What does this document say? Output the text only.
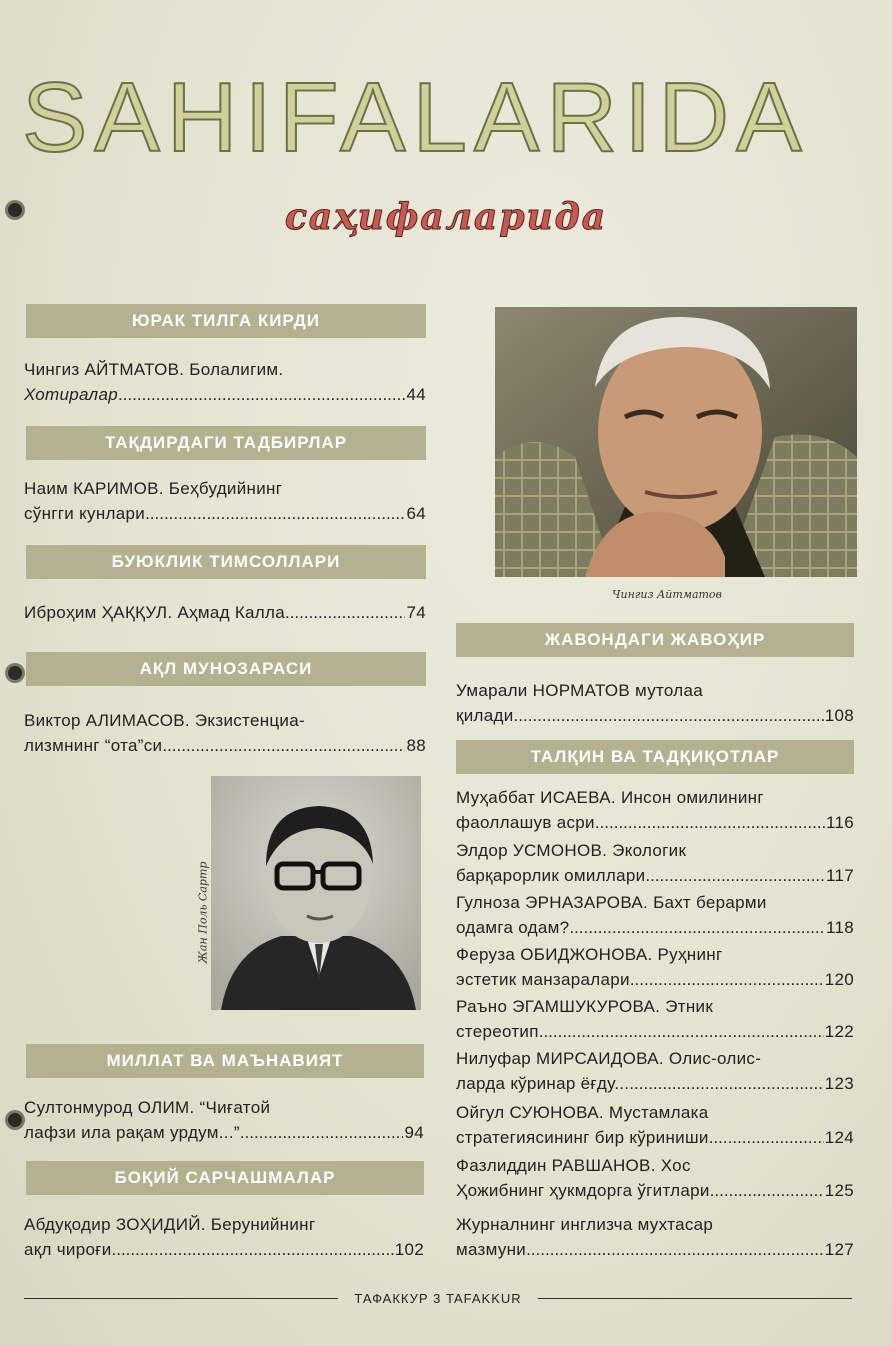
SAHIFALARIDA
саҳифаларида
ЮРАК ТИЛГА КИРДИ
Чингиз АЙТМАТОВ. Болалигим.
Хотиралар .....	44
ТАҚДИРДАГИ ТАДБИРЛАР
Наим КАРИМОВ. Беҳбудийнинг
сўнгги кунлари .....	64
БУЮКЛИК ТИМСОЛЛАРИ
Иброҳим ҲАҚҚУЛ. Аҳмад Калла .....	74
АҚЛ МУНОЗАРАСИ
Виктор АЛИМАСОВ. Экзистенциа-
лизмнинг “ота”си .....	88
Жан Поль Сартр
МИЛЛАТ ВА МАЪНАВИЯТ
Султонмурод ОЛИМ. “Чиғатой
лафзи ила рақам урдум...” .....	94
БОҚИЙ САРЧАШМАЛАР
Абдуқодир ЗОҲИДИЙ. Берунийнинг
ақл чироғи .....	102
Чингиз Айтматов
ЖАВОНДАГИ ЖАВОҲИР
Умарали НОРМАТОВ мутолаа
қилади .....	108
ТАЛҚИН ВА ТАДҚИҚОТЛАР
Муҳаббат ИСАЕВА. Инсон омилининг
фаоллашув асри .....	116
Элдор УСМОНОВ. Экологик
барқарорлик омиллари .....	117
Гулноза ЭРНАЗАРОВА. Бахт берарми
одамга одам? .....	118
Феруза ОБИДЖОНОВА. Руҳнинг
эстетик манзаралари .....	120
Раъно ЭГАМШУКУРОВА. Этник
стереотип .....	122
Нилуфар МИРСАИДОВА. Олис-олис-
ларда кўринар ёғду... .....	123
Ойгул СУЮНОВА. Мустамлака
стратегиясининг бир кўриниши .....	124
Фазлиддин РАВШАНОВ. Хос
Ҳожибнинг ҳукмдорга ўгитлари .....	125
Журналнинг инглизча мухтасар
мазмуни .....	127
ТАФАККУР 3 TAFAKKUR
